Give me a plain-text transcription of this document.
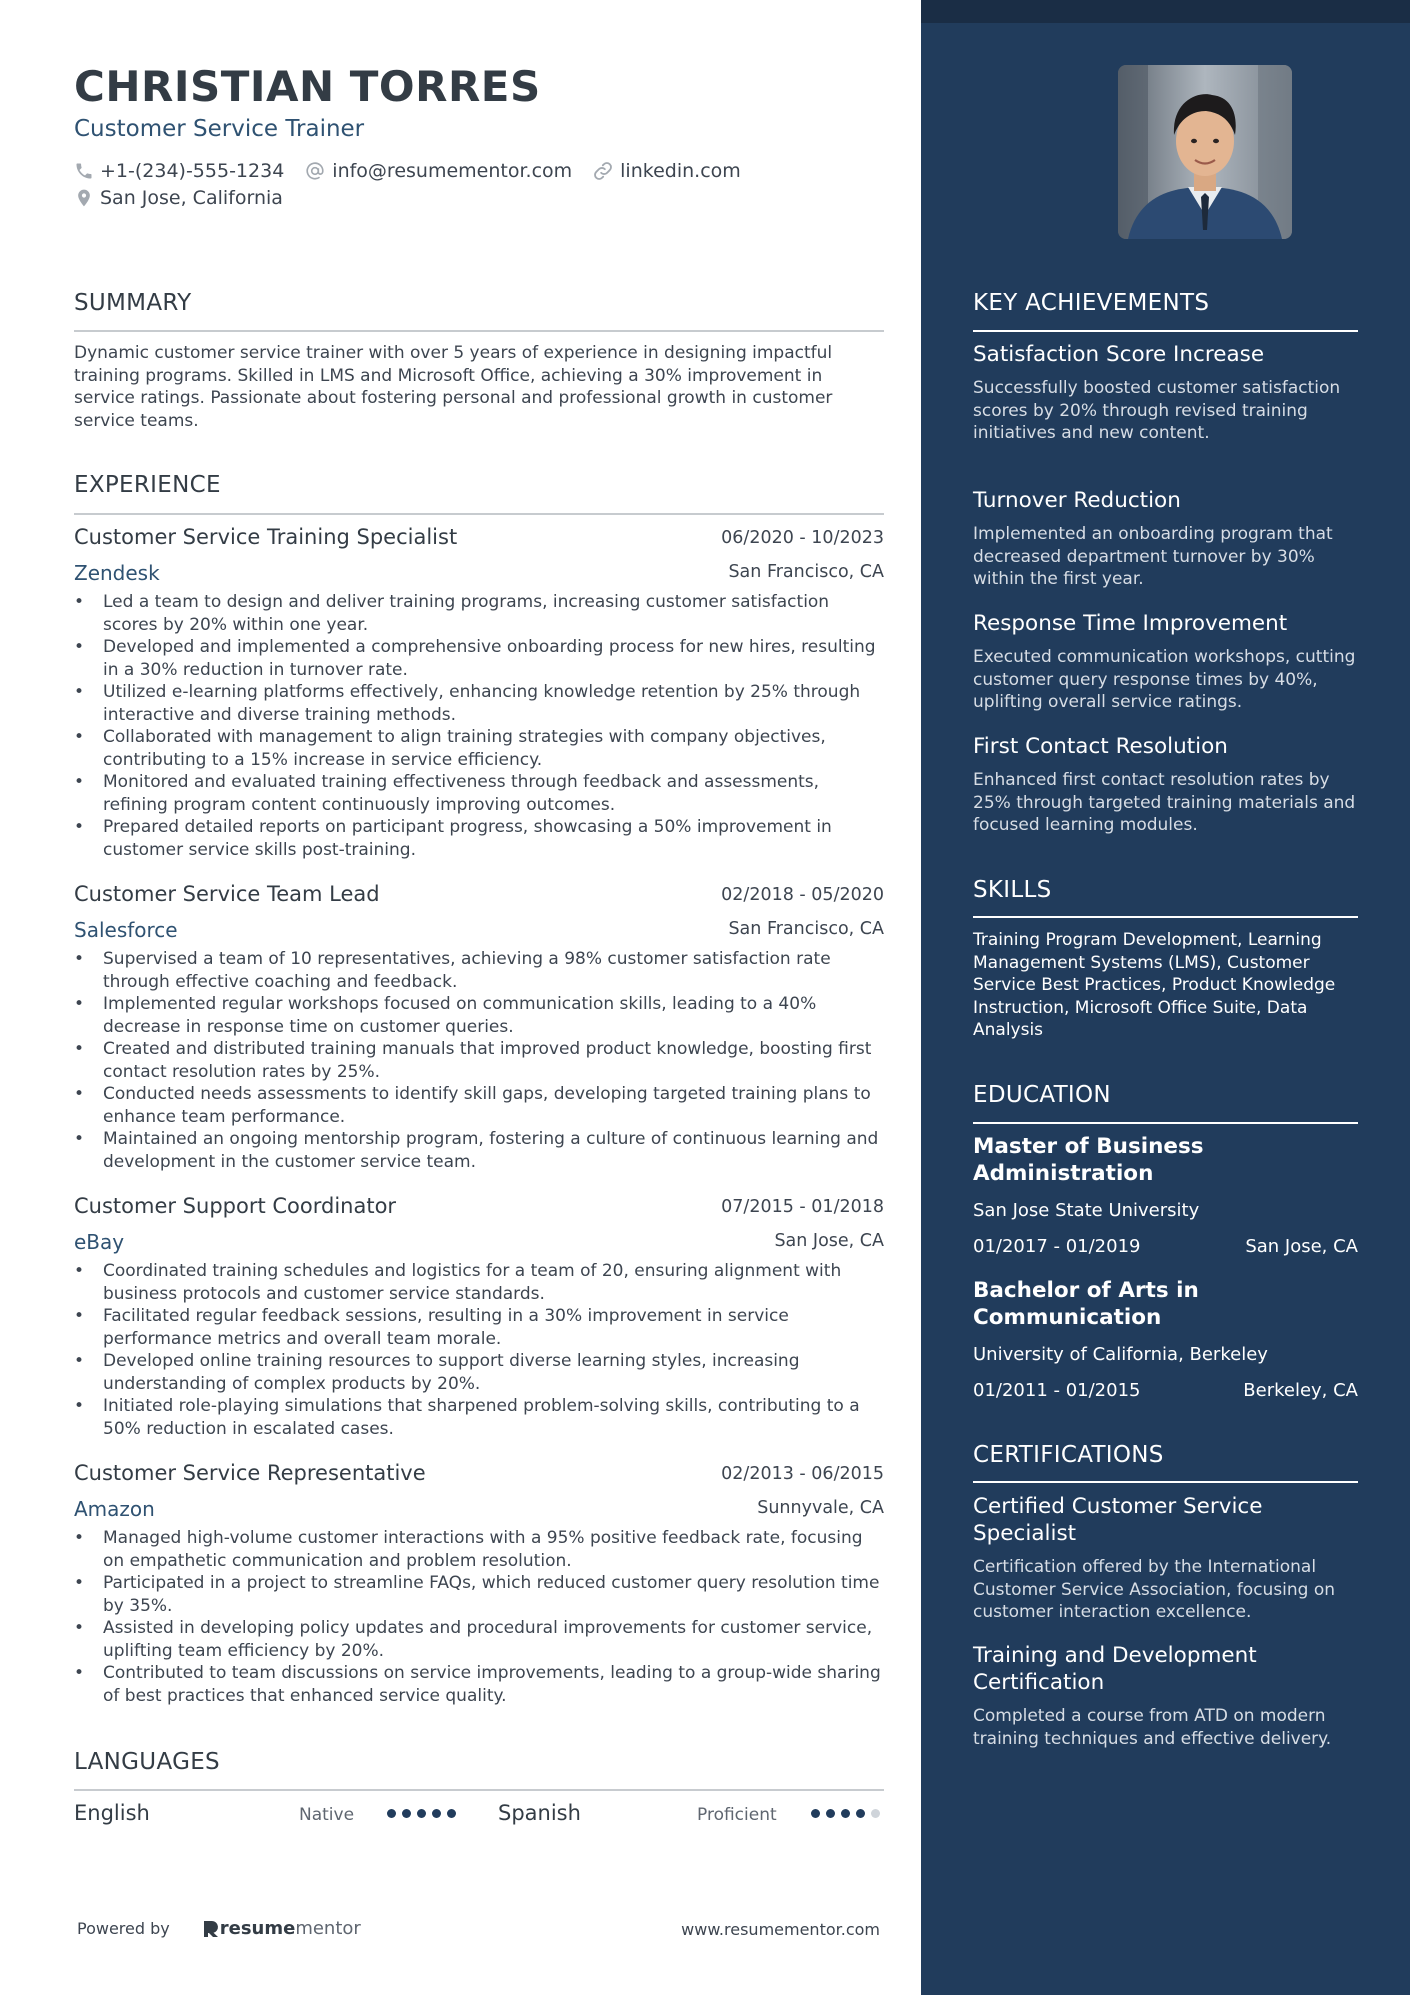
CHRISTIAN TORRES
Customer Service Trainer
+1-(234)-555-1234	info@resumementor.com	linkedin.com
San Jose, California
SUMMARY
Dynamic customer service trainer with over 5 years of experience in designing impactful training programs. Skilled in LMS and Microsoft Office, achieving a 30% improvement in service ratings. Passionate about fostering personal and professional growth in customer service teams.
EXPERIENCE
Customer Service Training Specialist	06/2020 - 10/2023
Zendesk	San Francisco, CA
• Led a team to design and deliver training programs, increasing customer satisfaction scores by 20% within one year.
• Developed and implemented a comprehensive onboarding process for new hires, resulting in a 30% reduction in turnover rate.
• Utilized e-learning platforms effectively, enhancing knowledge retention by 25% through interactive and diverse training methods.
• Collaborated with management to align training strategies with company objectives, contributing to a 15% increase in service efficiency.
• Monitored and evaluated training effectiveness through feedback and assessments, refining program content continuously improving outcomes.
• Prepared detailed reports on participant progress, showcasing a 50% improvement in customer service skills post-training.
Customer Service Team Lead	02/2018 - 05/2020
Salesforce	San Francisco, CA
• Supervised a team of 10 representatives, achieving a 98% customer satisfaction rate through effective coaching and feedback.
• Implemented regular workshops focused on communication skills, leading to a 40% decrease in response time on customer queries.
• Created and distributed training manuals that improved product knowledge, boosting first contact resolution rates by 25%.
• Conducted needs assessments to identify skill gaps, developing targeted training plans to enhance team performance.
• Maintained an ongoing mentorship program, fostering a culture of continuous learning and development in the customer service team.
Customer Support Coordinator	07/2015 - 01/2018
eBay	San Jose, CA
• Coordinated training schedules and logistics for a team of 20, ensuring alignment with business protocols and customer service standards.
• Facilitated regular feedback sessions, resulting in a 30% improvement in service performance metrics and overall team morale.
• Developed online training resources to support diverse learning styles, increasing understanding of complex products by 20%.
• Initiated role-playing simulations that sharpened problem-solving skills, contributing to a 50% reduction in escalated cases.
Customer Service Representative	02/2013 - 06/2015
Amazon	Sunnyvale, CA
• Managed high-volume customer interactions with a 95% positive feedback rate, focusing on empathetic communication and problem resolution.
• Participated in a project to streamline FAQs, which reduced customer query resolution time by 35%.
• Assisted in developing policy updates and procedural improvements for customer service, uplifting team efficiency by 20%.
• Contributed to team discussions on service improvements, leading to a group-wide sharing of best practices that enhanced service quality.
LANGUAGES
English	Native	Spanish	Proficient
Powered by	resume mentor	www.resumementor.com
KEY ACHIEVEMENTS
Satisfaction Score Increase
Successfully boosted customer satisfaction scores by 20% through revised training initiatives and new content.
Turnover Reduction
Implemented an onboarding program that decreased department turnover by 30% within the first year.
Response Time Improvement
Executed communication workshops, cutting customer query response times by 40%, uplifting overall service ratings.
First Contact Resolution
Enhanced first contact resolution rates by 25% through targeted training materials and focused learning modules.
SKILLS
Training Program Development, Learning Management Systems (LMS), Customer Service Best Practices, Product Knowledge Instruction, Microsoft Office Suite, Data Analysis
EDUCATION
Master of Business Administration
San Jose State University
01/2017 - 01/2019	San Jose, CA
Bachelor of Arts in Communication
University of California, Berkeley
01/2011 - 01/2015	Berkeley, CA
CERTIFICATIONS
Certified Customer Service Specialist
Certification offered by the International Customer Service Association, focusing on customer interaction excellence.
Training and Development Certification
Completed a course from ATD on modern training techniques and effective delivery.
